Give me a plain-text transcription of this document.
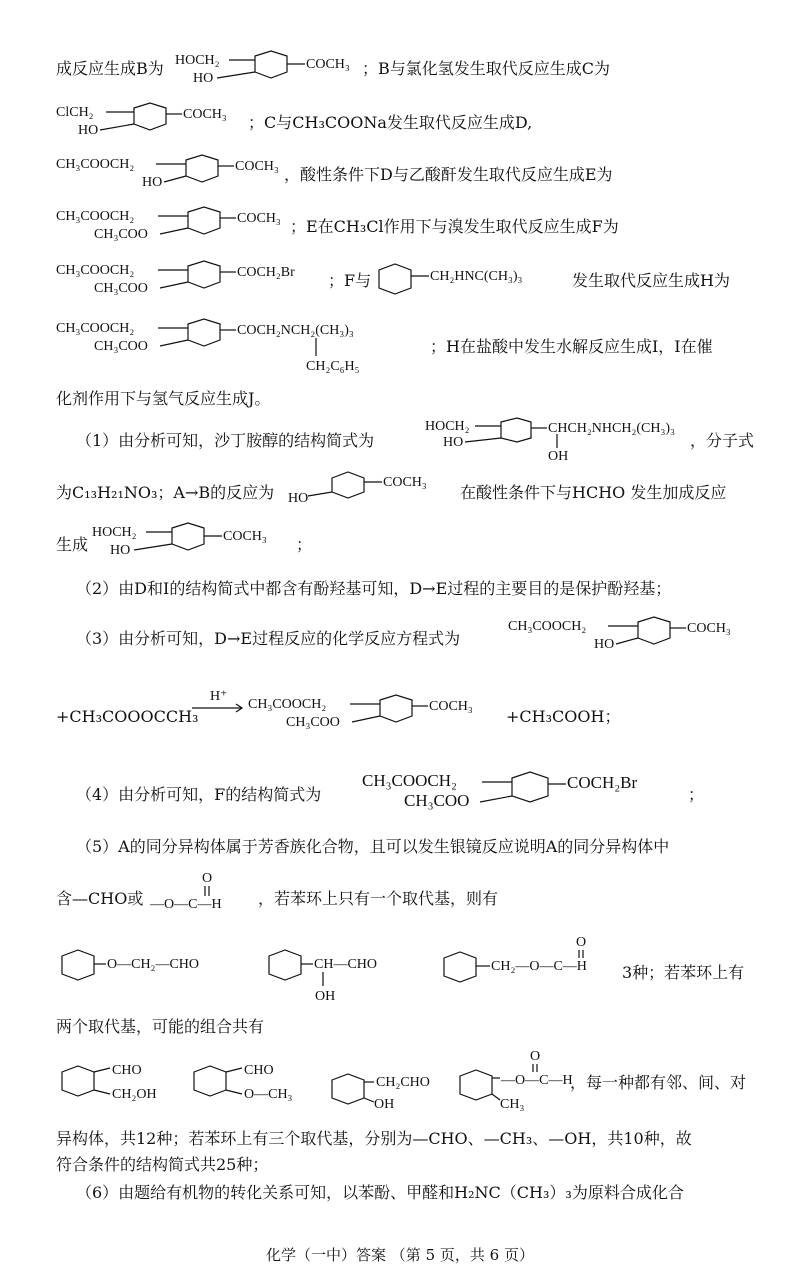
成反应生成B为 HOCH₂
HO
COCH₃ ；B与氯化氢发生取代反应生成C为
ClCH₂
HO
COCH₃ ；C与CH₃COONa发生取代反应生成D,
CH₃COOCH₂
HO
COCH₃ ，酸性条件下D与乙酸酐发生取代反应生成E为
CH₃COOCH₂
CH₃COO
COCH₃ ；E在CH₃Cl作用下与溴发生取代反应生成F为
CH₃COOCH₂
CH₃COO
COCH₂Br ；F与	CH₂HNC(CH₃)₃	发生取代反应生成H为
CH₃COOCH₂
CH₃COO
COCH₂NCH₂(CH₃)₃
CH₂C₆H₅
；H在盐酸中发生水解反应生成I，I在催
化剂作用下与氢气反应生成J。
（1）由分析可知，沙丁胺醇的结构简式为
HOCH₂
HO
CHCH₂NHCH₂(CH₃)₃
OH
，分子式
为C₁₃H₂₁NO₃；A→B的反应为 HO
COCH₃
在酸性条件下与HCHO 发生加成反应
生成
HOCH₂
HO
COCH₃ ；
（2）由D和I的结构简式中都含有酚羟基可知，D→E过程的主要目的是保护酚羟基；
（3）由分析可知，D→E过程反应的化学反应方程式为
CH₃COOCH₂
HO
COCH₃
+CH₃COOOCCH₃
H⁺
CH₃COOCH₂
CH₃COO
COCH₃
+CH₃COOH；
（4）由分析可知，F的结构简式为
CH₃COOCH₂
CH₃COO
COCH₂Br
；
（5）A的同分异构体属于芳香族化合物，且可以发生银镜反应说明A的同分异构体中
含—CHO或
O
—O—C—H ，若苯环上只有一个取代基，则有
O—CH₂—CHO	CH—CHO
OH
CH₂—O—C—H
O
3种；若苯环上有
两个取代基，可能的组合共有
CHO
CH₂OH
CHO
O—CH₃
CH₂CHO
OH
—O—C—H
O
CH₃
，每一种都有邻、间、对
异构体，共12种；若苯环上有三个取代基，分别为—CHO、—CH₃、—OH，共10种，故
符合条件的结构简式共25种；
（6）由题给有机物的转化关系可知，以苯酚、甲醛和H₂NC（CH₃）₃为原料合成化合
化学（一中）答案 （第 5 页，共 6 页）
